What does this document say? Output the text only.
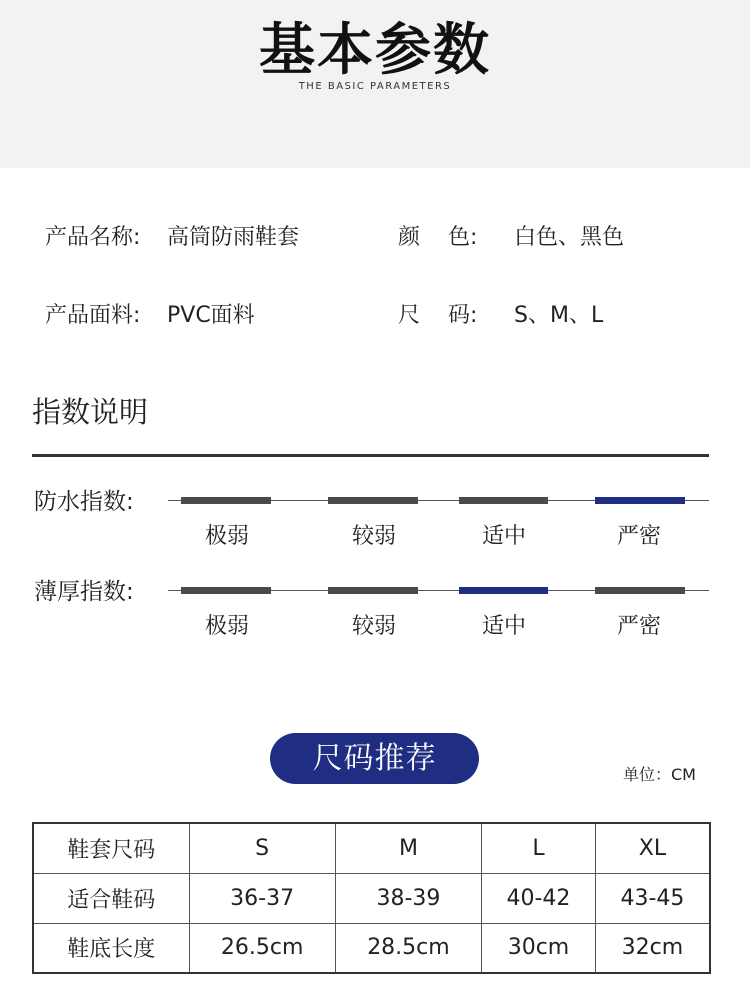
基本参数
THE BASIC PARAMETERS
产品名称: 高筒防雨鞋套	颜    色: 白色、黑色
产品面料: PVC面料	尺    码: S、M、L
指数说明
防水指数:
极弱	较弱	适中	严密
薄厚指数:
极弱	较弱	适中	严密
尺码推荐	单位：CM
鞋套尺码	S	M	L	XL
适合鞋码	36-37	38-39	40-42	43-45
鞋底长度	26.5cm	28.5cm	30cm	32cm
